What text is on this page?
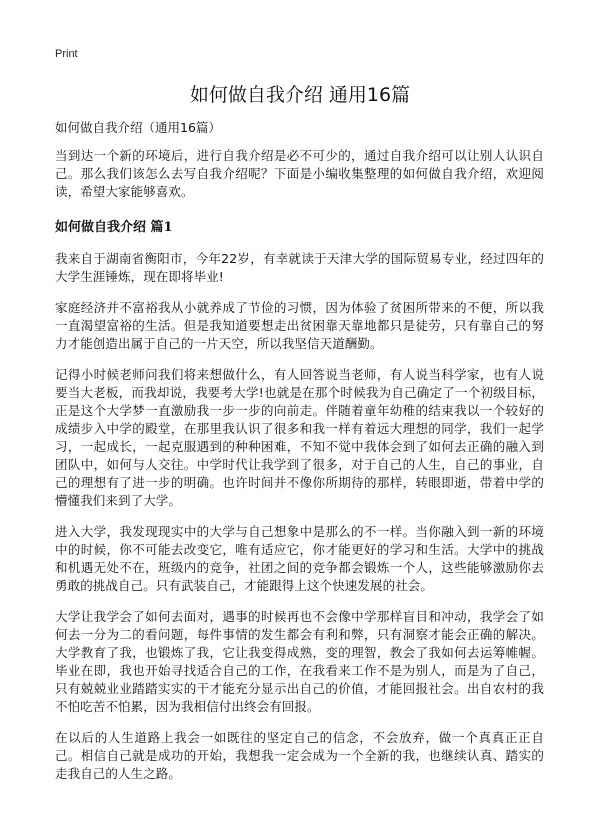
Print
如何做自我介绍 通用16篇
如何做自我介绍（通用16篇）

当到达一个新的环境后，进行自我介绍是必不可少的，通过自我介绍可以让别人认识自己。那么我们该怎么去写自我介绍呢？下面是小编收集整理的如何做自我介绍，欢迎阅读，希望大家能够喜欢。

如何做自我介绍 篇1

我来自于湖南省衡阳市，今年22岁，有幸就读于天津大学的国际贸易专业，经过四年的大学生涯锤炼，现在即将毕业!

家庭经济并不富裕我从小就养成了节俭的习惯，因为体验了贫困所带来的不便，所以我一直渴望富裕的生活。但是我知道要想走出贫困靠天靠地都只是徒劳，只有靠自己的努力才能创造出属于自己的一片天空，所以我坚信天道酬勤。

记得小时候老师问我们将来想做什么，有人回答说当老师，有人说当科学家，也有人说要当大老板，而我却说，我要考大学!也就是在那个时候我为自己确定了一个初级目标，正是这个大学梦一直激励我一步一步的向前走。伴随着童年幼稚的结束我以一个较好的成绩步入中学的殿堂，在那里我认识了很多和我一样有着远大理想的同学，我们一起学习，一起成长，一起克服遇到的种种困难，不知不觉中我体会到了如何去正确的融入到团队中，如何与人交往。中学时代让我学到了很多，对于自己的人生，自己的事业，自己的理想有了进一步的明确。也许时间并不像你所期待的那样，转眼即逝，带着中学的懵懂我们来到了大学。

进入大学，我发现现实中的大学与自己想象中是那么的不一样。当你融入到一新的环境中的时候，你不可能去改变它，唯有适应它，你才能更好的学习和生活。大学中的挑战和机遇无处不在，班级内的竞争，社团之间的竞争都会锻炼一个人，这些能够激励你去勇敢的挑战自己。只有武装自己，才能跟得上这个快速发展的社会。

大学让我学会了如何去面对，遇事的时候再也不会像中学那样盲目和冲动，我学会了如何去一分为二的看问题，每件事情的发生都会有利和弊，只有洞察才能会正确的解决。大学教育了我，也锻炼了我，它让我变得成熟，变的理智，教会了我如何去运筹帷幄。毕业在即，我也开始寻找适合自己的工作，在我看来工作不是为别人，而是为了自己，只有兢兢业业踏踏实实的干才能充分显示出自己的价值，才能回报社会。出自农村的我不怕吃苦不怕累，因为我相信付出终会有回报。

在以后的人生道路上我会一如既往的坚定自己的信念，不会放弃，做一个真真正正自己。相信自己就是成功的开始，我想我一定会成为一个全新的我，也继续认真、踏实的走我自己的人生之路。
